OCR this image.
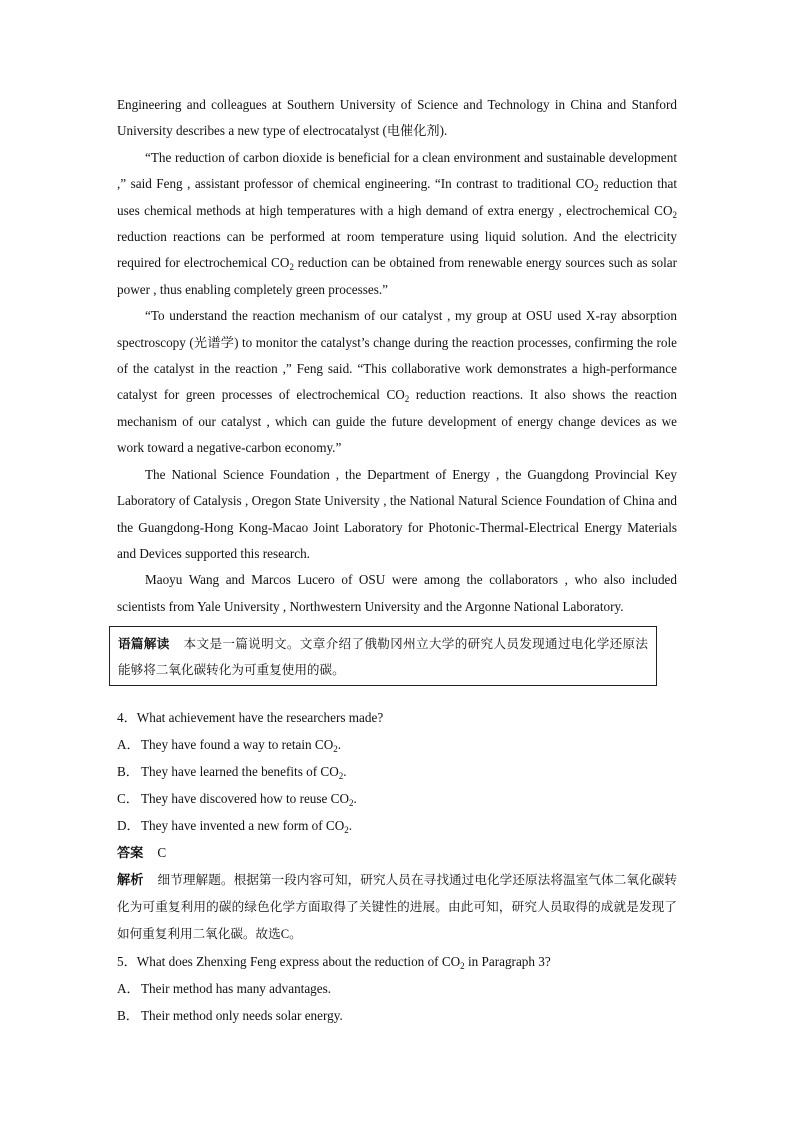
Engineering and colleagues at Southern University of Science and Technology in China and Stanford University describes a new type of electrocatalyst (电催化剂).

“The reduction of carbon dioxide is beneficial for a clean environment and sustainable development ,” said Feng , assistant professor of chemical engineering. “In contrast to traditional $CO_2$ reduction that uses chemical methods at high temperatures with a high demand of extra energy , electrochemical $CO_2$ reduction reactions can be performed at room temperature using liquid solution. And the electricity required for electrochemical $CO_2$ reduction can be obtained from renewable energy sources such as solar power , thus enabling completely green processes.”

“To understand the reaction mechanism of our catalyst , my group at OSU used X-ray absorption spectroscopy (光谱学) to monitor the catalyst’s change during the reaction processes, confirming the role of the catalyst in the reaction ,” Feng said. “This collaborative work demonstrates a high-performance catalyst for green processes of electrochemical $CO_2$ reduction reactions. It also shows the reaction mechanism of our catalyst , which can guide the future development of energy change devices as we work toward a negative-carbon economy.”

The National Science Foundation , the Department of Energy , the Guangdong Provincial Key Laboratory of Catalysis , Oregon State University , the National Natural Science Foundation of China and the Guangdong-Hong Kong-Macao Joint Laboratory for Photonic-Thermal-Electrical Energy Materials and Devices supported this research.

Maoyu Wang and Marcos Lucero of OSU were among the collaborators , who also included scientists from Yale University , Northwestern University and the Argonne National Laboratory.

语篇解读 本文是一篇说明文。文章介绍了俄勒冈州立大学的研究人员发现通过电化学还原法能够将二氧化碳转化为可重复使用的碳。
4．What achievement have the researchers made?
A．They have found a way to retain $CO_2$.
B． They have learned the benefits of $CO_2$.
C． They have discovered how to reuse $CO_2$.
D．They have invented a new form of $CO_2$.
答案 C
解析 细节理解题。根据第一段内容可知，研究人员在寻找通过电化学还原法将温室气体二氧化碳转化为可重复利用的碳的绿色化学方面取得了关键性的进展。由此可知，研究人员取得的成就是发现了如何重复利用二氧化碳。故选C。
5．What does Zhenxing Feng express about the reduction of $CO_2$ in Paragraph 3?
A．Their method has many advantages.
B． Their method only needs solar energy.
